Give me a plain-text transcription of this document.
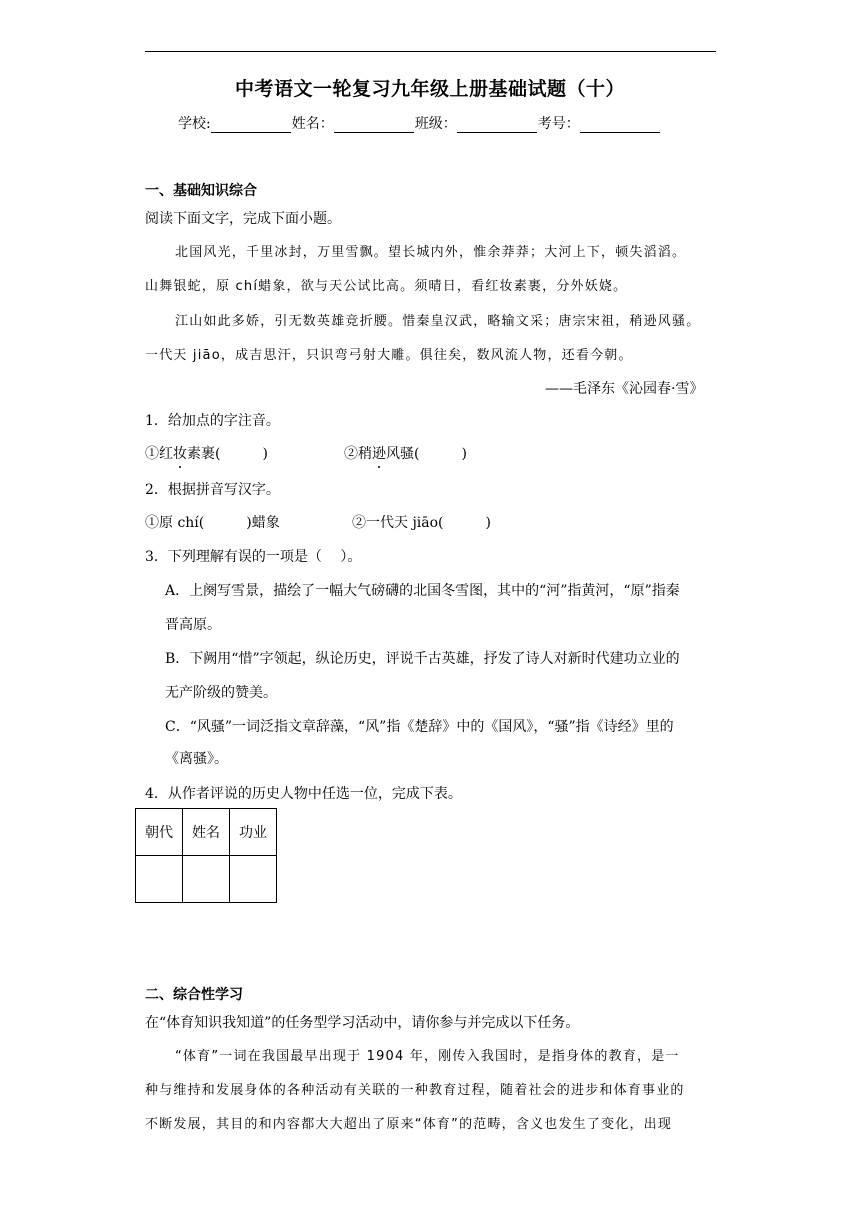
中考语文一轮复习九年级上册基础试题（十）
学校:	姓名：	班级：	考号：
一、基础知识综合
阅读下面文字，完成下面小题。
北国风光，千里冰封，万里雪飘。望长城内外，惟余莽莽；大河上下，顿失滔滔。
山舞银蛇，原 chí蜡象，欲与天公试比高。须晴日，看红妆素裹，分外妖娆。
江山如此多娇，引无数英雄竞折腰。惜秦皇汉武，略输文采；唐宗宋祖，稍逊风骚。
一代天 jiāo，成吉思汗，只识弯弓射大雕。俱往矣，数风流人物，还看今朝。
——毛泽东《沁园春·雪》
1．给加点的字注音。
①红妆素裹(	)	②稍逊风骚(	)
2．根据拼音写汉字。
①原 chí(	)蜡象	②一代天 jiāo(	)
3．下列理解有误的一项是（　 ）。
A．上阕写雪景，描绘了一幅大气磅礴的北国冬雪图，其中的“河”指黄河，“原”指秦
晋高原。
B．下阙用“惜”字领起，纵论历史，评说千古英雄，抒发了诗人对新时代建功立业的
无产阶级的赞美。
C．“风骚”一词泛指文章辞藻，“风”指《楚辞》中的《国风》，“骚”指《诗经》里的
《离骚》。
4．从作者评说的历史人物中任选一位，完成下表。
朝代	姓名	功业

二、综合性学习
在“体育知识我知道”的任务型学习活动中，请你参与并完成以下任务。
“体育”一词在我国最早出现于 1904 年，刚传入我国时，是指身体的教育，是一
种与维持和发展身体的各种活动有关联的一种教育过程，随着社会的进步和体育事业的
不断发展，其目的和内容都大大超出了原来“体育”的范畴，含义也发生了变化，出现
